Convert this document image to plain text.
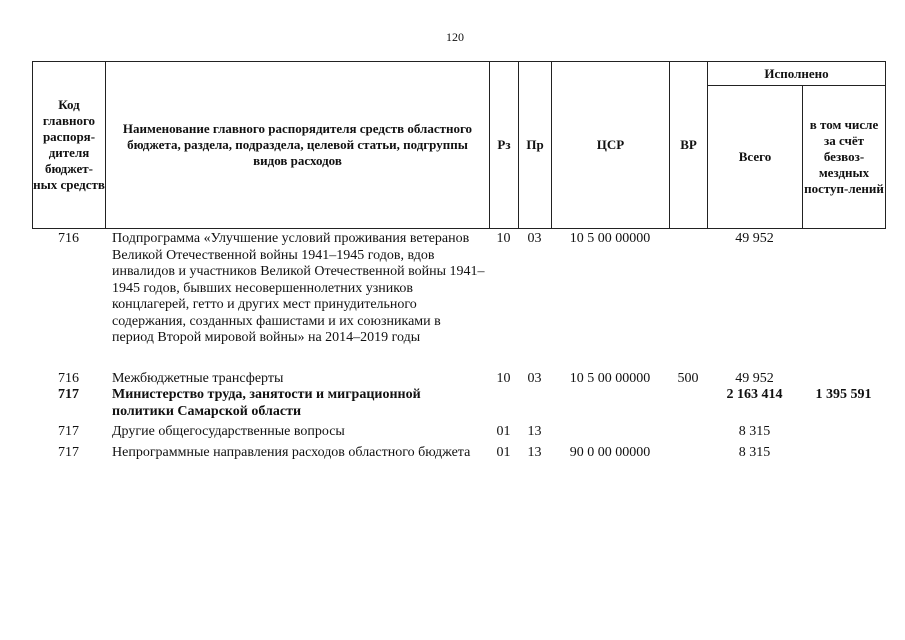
120
Код главного распоря-дителя бюджет-ных средств	Наименование главного распорядителя средств областного бюджета, раздела, подраздела, целевой статьи, подгруппы видов расходов	Рз	Пр	ЦСР	ВР	Исполнено	
						Всего	в том числе за счёт безвоз-мездных поступ-лений
716	Подпрограмма «Улучшение условий проживания ветеранов Великой Отечественной войны 1941–1945 годов, вдов инвалидов и участников Великой Отечественной войны 1941–1945 годов, бывших несовершеннолетних узников концлагерей, гетто и других мест принудительного содержания, созданных фашистами и их союзниками в период Второй мировой войны» на 2014–2019 годы	10	03	10 5 00 00000		49 952	

716	Межбюджетные трансферты	10	03	10 5 00 00000	500	49 952	
717	Министерство труда, занятости и миграционной политики Самарской области					2 163 414	1 395 591
717	Другие общегосударственные вопросы	01	13			8 315	
717	Непрограммные направления расходов областного бюджета	01	13	90 0 00 00000		8 315	
